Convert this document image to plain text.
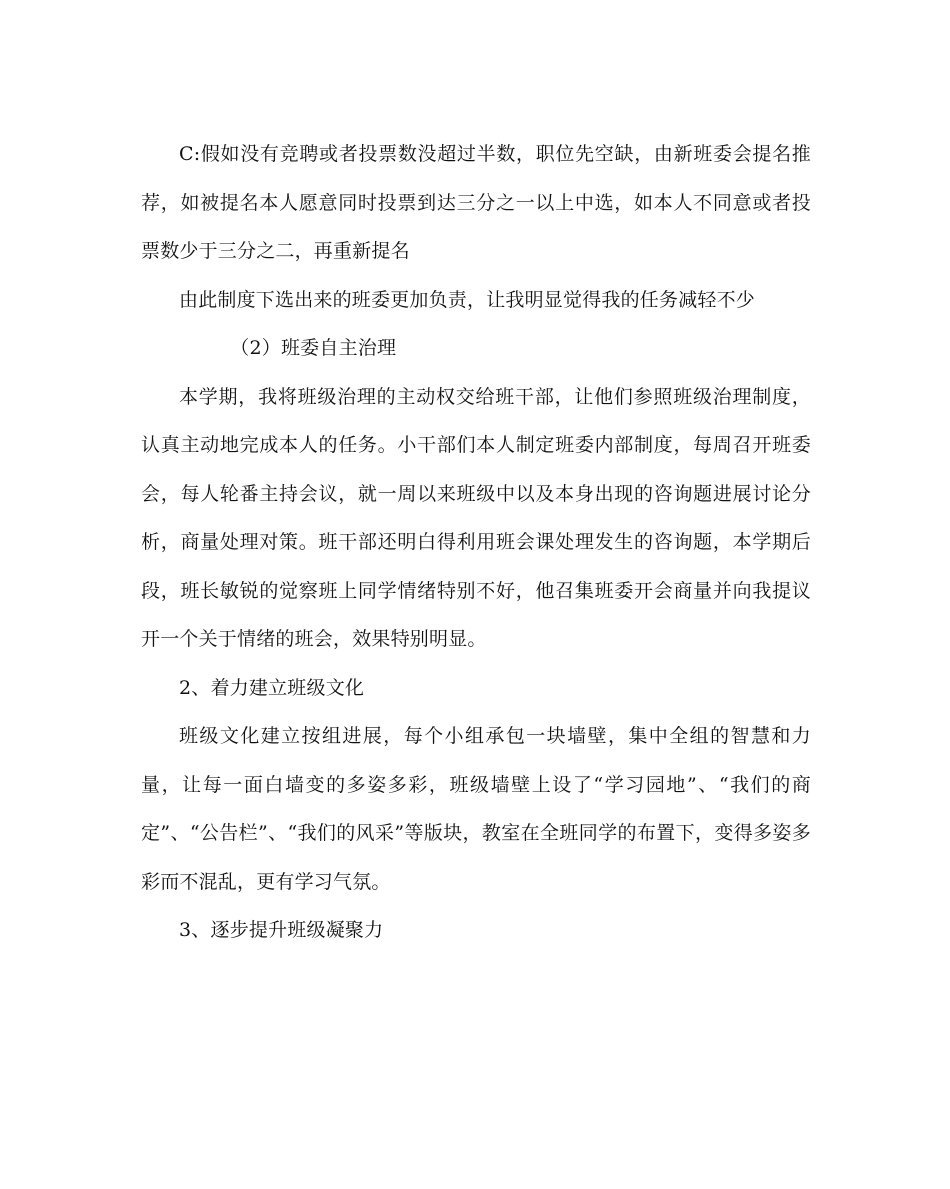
C:假如没有竞聘或者投票数没超过半数，职位先空缺，由新班委会提名推荐，如被提名本人愿意同时投票到达三分之一以上中选，如本人不同意或者投票数少于三分之二，再重新提名

由此制度下选出来的班委更加负责，让我明显觉得我的任务减轻不少

（2）班委自主治理

本学期，我将班级治理的主动权交给班干部，让他们参照班级治理制度，认真主动地完成本人的任务。小干部们本人制定班委内部制度，每周召开班委会，每人轮番主持会议，就一周以来班级中以及本身出现的咨询题进展讨论分析，商量处理对策。班干部还明白得利用班会课处理发生的咨询题，本学期后段，班长敏锐的觉察班上同学情绪特别不好，他召集班委开会商量并向我提议开一个关于情绪的班会，效果特别明显。

2、着力建立班级文化

班级文化建立按组进展，每个小组承包一块墙壁，集中全组的智慧和力量，让每一面白墙变的多姿多彩，班级墙壁上设了“学习园地”、“我们的商定”、“公告栏”、“我们的风采”等版块，教室在全班同学的布置下，变得多姿多彩而不混乱，更有学习气氛。

3、逐步提升班级凝聚力
